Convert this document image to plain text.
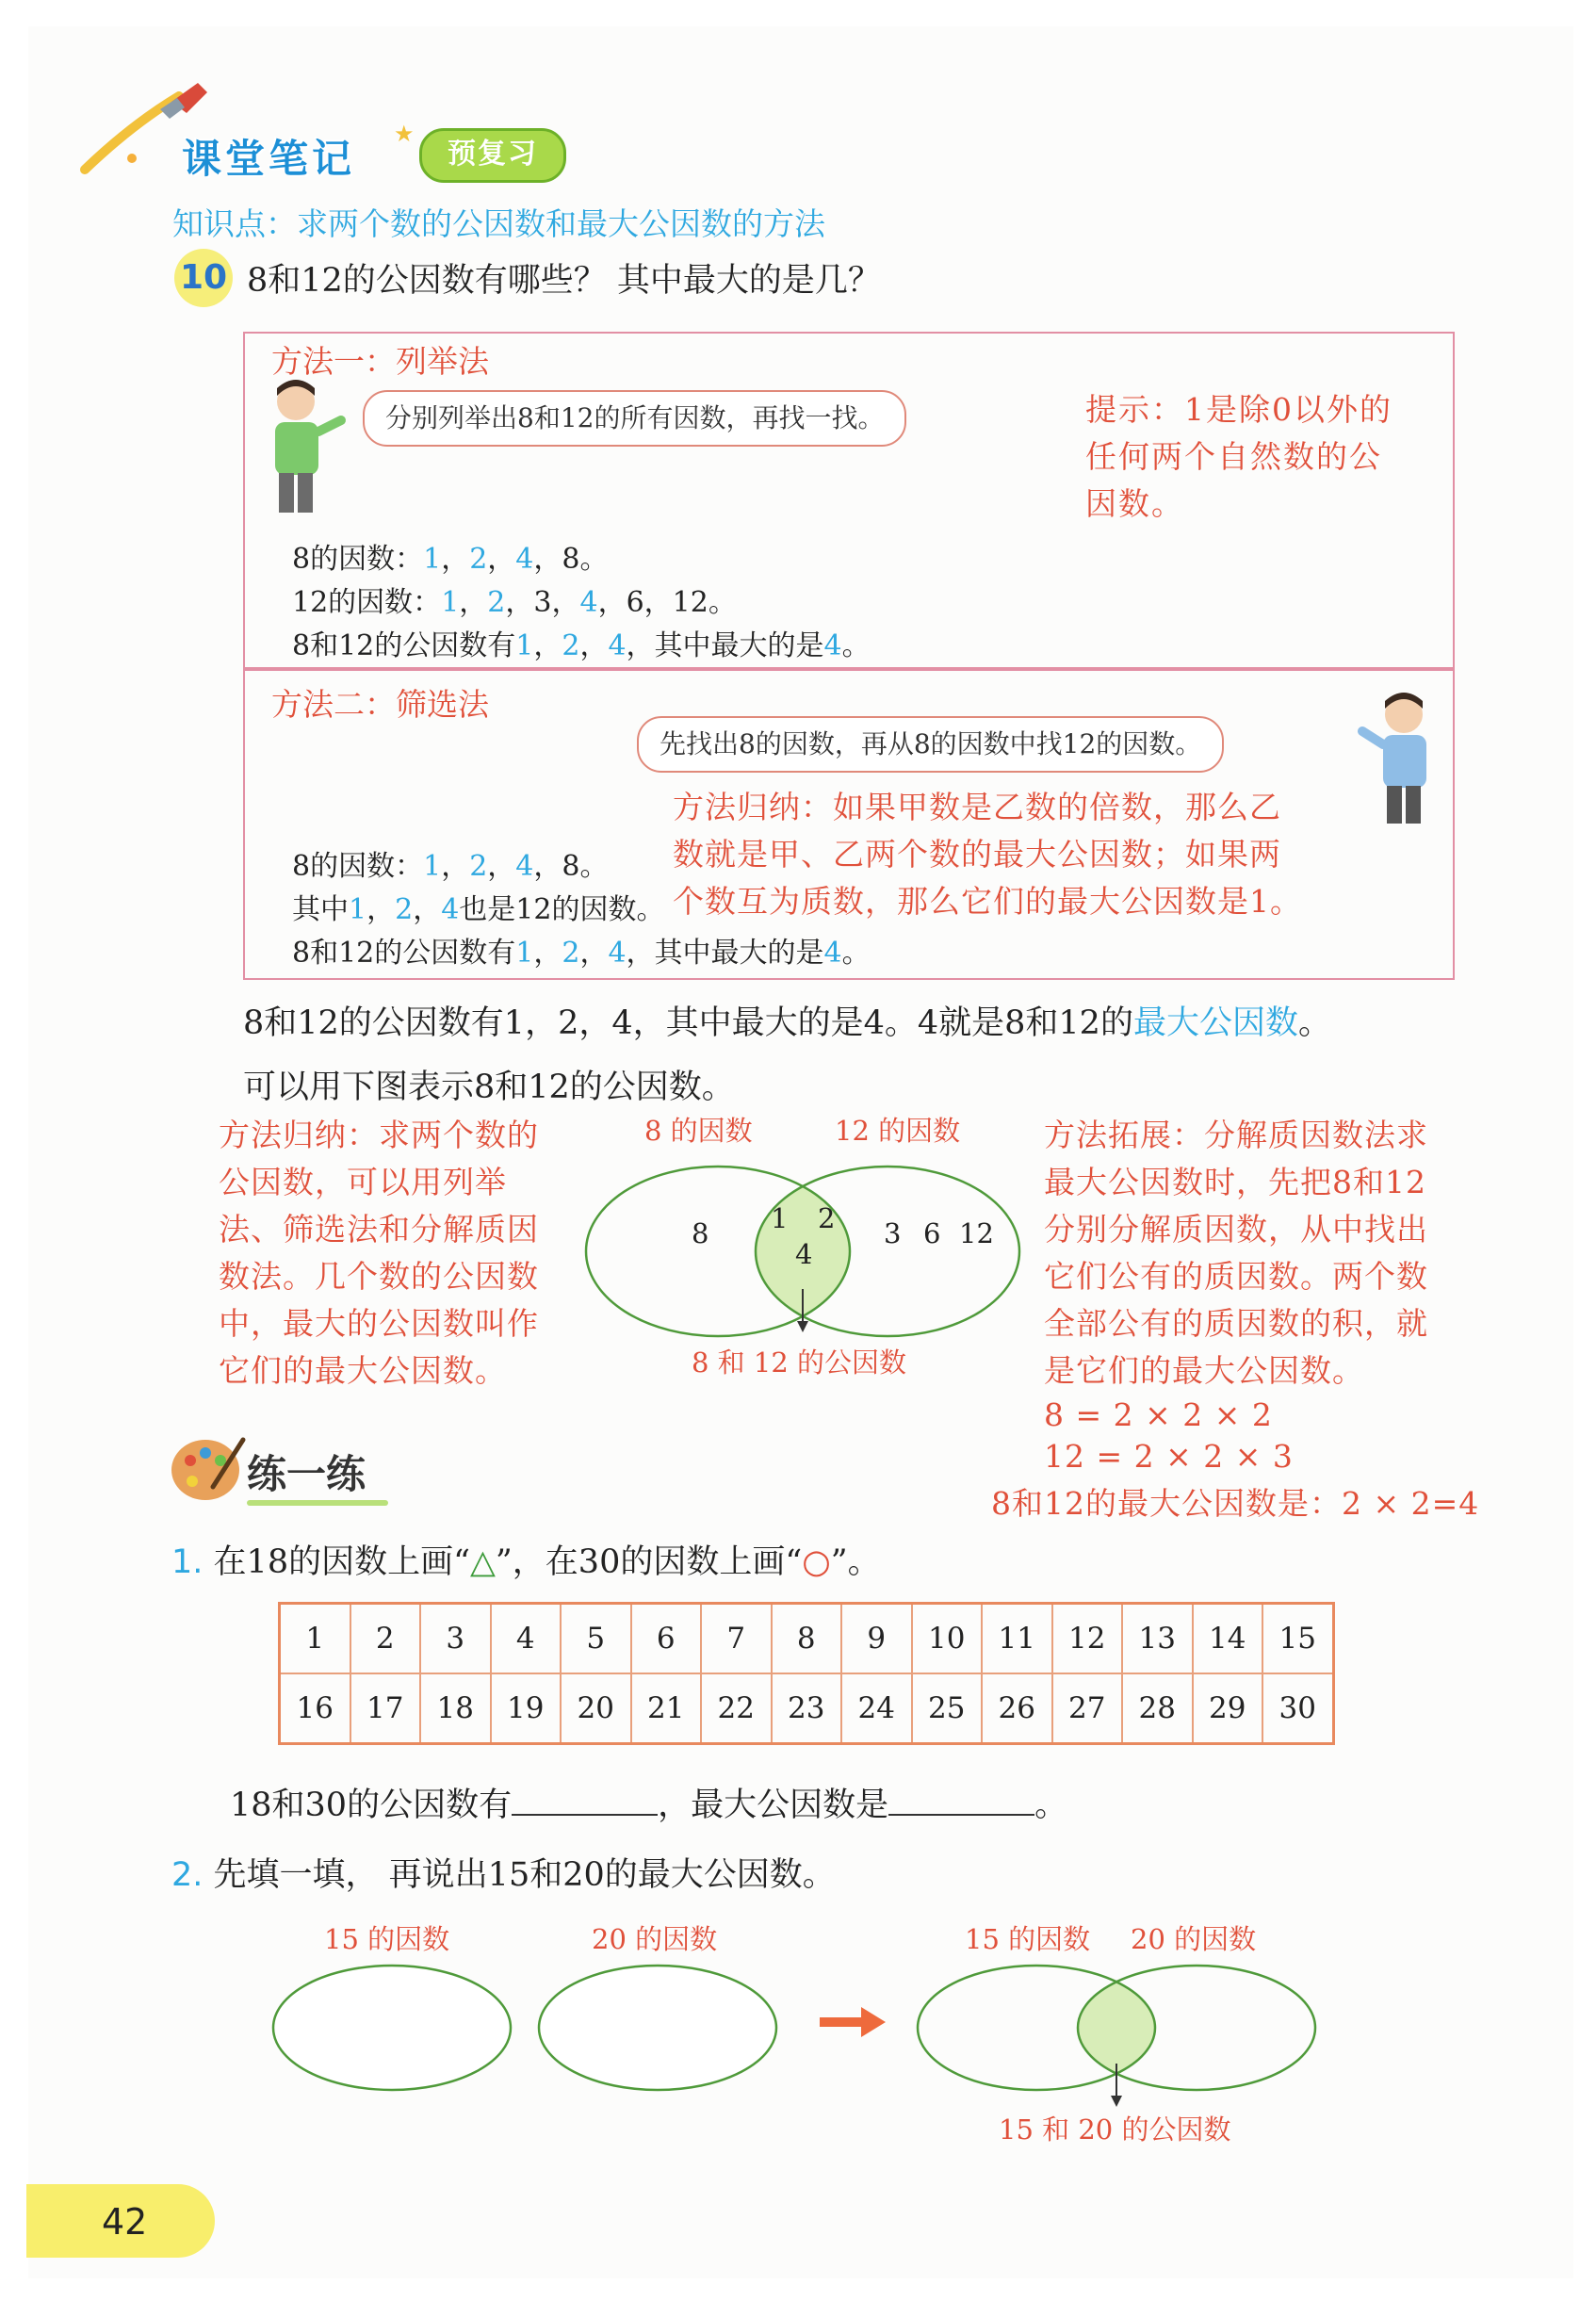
课堂笔记
★
预复习
知识点：求两个数的公因数和最大公因数的方法
10 8和12的公因数有哪些？ 其中最大的是几？
方法一：列举法
分别列举出8和12的所有因数，再找一找。	提示：1是除0以外的
任何两个自然数的公
因数。
8的因数：1，2，4，8。
12的因数：1，2，3，4，6，12。
8和12的公因数有1，2，4，其中最大的是4。
方法二：筛选法
先找出8的因数，再从8的因数中找12的因数。
方法归纳：如果甲数是乙数的倍数，那么乙
数就是甲、乙两个数的最大公因数；如果两
个数互为质数，那么它们的最大公因数是1。
8的因数：1，2，4，8。
其中1，2，4也是12的因数。
8和12的公因数有1，2，4，其中最大的是4。
8和12的公因数有1，2，4，其中最大的是4。4就是8和12的最大公因数。
可以用下图表示8和12的公因数。
方法归纳：求两个数的
公因数，可以用列举
法、筛选法和分解质因
数法。几个数的公因数
中，最大的公因数叫作
它们的最大公因数。
8 的因数	12 的因数
8 1 2
4
3 6 12
8 和 12 的公因数
方法拓展：分解质因数法求
最大公因数时，先把8和12
分别分解质因数，从中找出
它们公有的质因数。两个数
全部公有的质因数的积，就
是它们的最大公因数。
8 = 2 × 2 × 2
12 = 2 × 2 × 3
8和12的最大公因数是：2 × 2=4
练一练
1. 在18的因数上画“△”，在30的因数上画“○”。
1	2	3	4	5	6	7	8	9	10	11	12	13	14	15
16	17	18	19	20	21	22	23	24	25	26	27	28	29	30
18和30的公因数有	，最大公因数是	。
2. 先填一填， 再说出15和20的最大公因数。
15 的因数	20 的因数	15 的因数 20 的因数
15 和 20 的公因数
42
